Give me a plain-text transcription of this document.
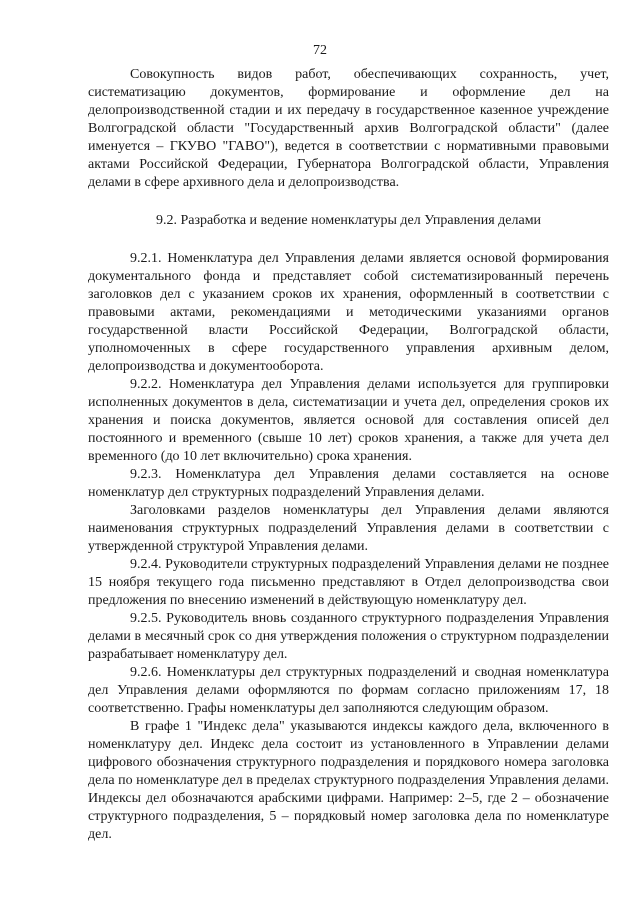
72

Совокупность видов работ, обеспечивающих сохранность, учет, систематизацию документов, формирование и оформление дел на делопроизводственной стадии и их передачу в государственное казенное учреждение Волгоградской области "Государственный архив Волгоградской области" (далее именуется – ГКУВО "ГАВО"), ведется в соответствии с нормативными правовыми актами Российской Федерации, Губернатора Волгоградской области, Управления делами в сфере архивного дела и делопроизводства.

9.2. Разработка и ведение номенклатуры дел Управления делами

9.2.1. Номенклатура дел Управления делами является основой формирования документального фонда и представляет собой систематизированный перечень заголовков дел с указанием сроков их хранения, оформленный в соответствии с правовыми актами, рекомендациями и методическими указаниями органов государственной власти Российской Федерации, Волгоградской области, уполномоченных в сфере государственного управления архивным делом, делопроизводства и документооборота.

9.2.2. Номенклатура дел Управления делами используется для группировки исполненных документов в дела, систематизации и учета дел, определения сроков их хранения и поиска документов, является основой для составления описей дел постоянного и временного (свыше 10 лет) сроков хранения, а также для учета дел временного (до 10 лет включительно) срока хранения.

9.2.3. Номенклатура дел Управления делами составляется на основе номенклатур дел структурных подразделений Управления делами.

Заголовками разделов номенклатуры дел Управления делами являются наименования структурных подразделений Управления делами в соответствии с утвержденной структурой Управления делами.

9.2.4. Руководители структурных подразделений Управления делами не позднее 15 ноября текущего года письменно представляют в Отдел делопроизводства свои предложения по внесению изменений в действующую номенклатуру дел.

9.2.5. Руководитель вновь созданного структурного подразделения Управления делами в месячный срок со дня утверждения положения о структурном подразделении разрабатывает номенклатуру дел.

9.2.6. Номенклатуры дел структурных подразделений и сводная номенклатура дел Управления делами оформляются по формам согласно приложениям 17, 18 соответственно. Графы номенклатуры дел заполняются следующим образом.

В графе 1 "Индекс дела" указываются индексы каждого дела, включенного в номенклатуру дел. Индекс дела состоит из установленного в Управлении делами цифрового обозначения структурного подразделения и порядкового номера заголовка дела по номенклатуре дел в пределах структурного подразделения Управления делами. Индексы дел обозначаются арабскими цифрами. Например: 2–5, где 2 – обозначение структурного подразделения, 5 – порядковый номер заголовка дела по номенклатуре дел.
